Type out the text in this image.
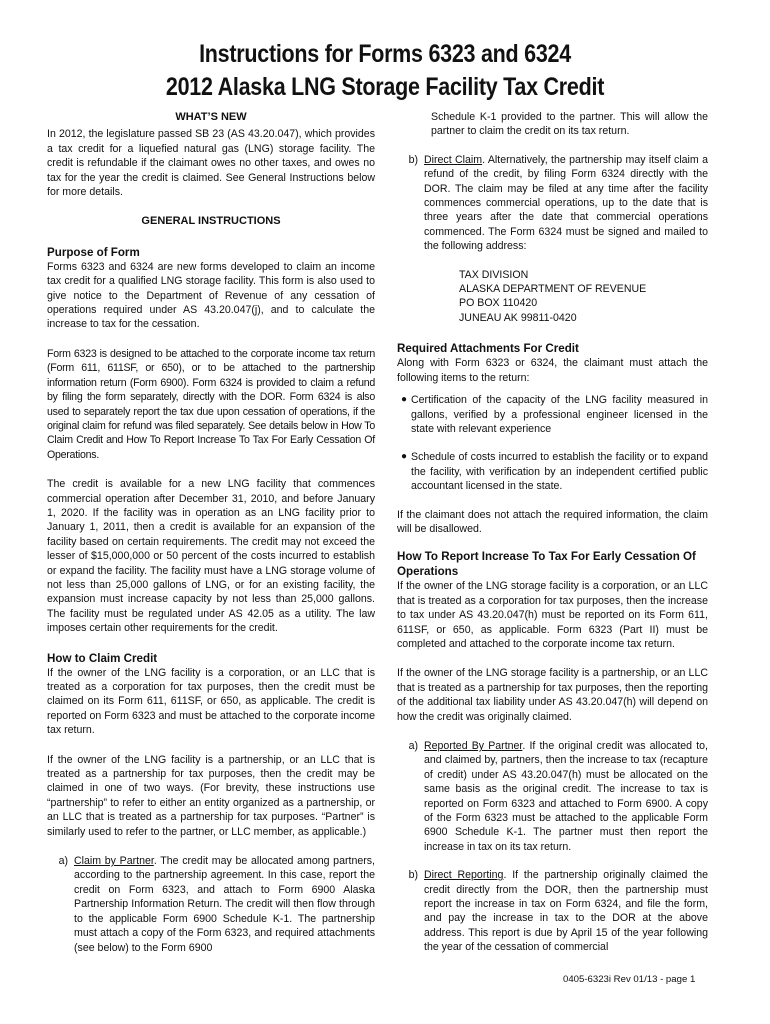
Instructions for Forms 6323 and 6324
2012 Alaska LNG Storage Facility Tax Credit
WHAT’S NEW

In 2012, the legislature passed SB 23 (AS 43.20.047), which provides a tax credit for a liquefied natural gas (LNG) storage facility. The credit is refundable if the claimant owes no other taxes, and owes no tax for the year the credit is claimed. See General Instructions below for more details.

GENERAL INSTRUCTIONS
Purpose of Form

Forms 6323 and 6324 are new forms developed to claim an income tax credit for a qualified LNG storage facility. This form is also used to give notice to the Department of Revenue of any cessation of operations required under AS 43.20.047(j), and to calculate the increase to tax for the cessation.

Form 6323 is designed to be attached to the corporate income tax return (Form 611, 611SF, or 650), or to be attached to the partnership information return (Form 6900). Form 6324 is provided to claim a refund by filing the form separately, directly with the DOR. Form 6324 is also used to separately report the tax due upon cessation of operations, if the original claim for refund was filed separately. See details below in How To Claim Credit and How To Report Increase To Tax For Early Cessation Of Operations.

The credit is available for a new LNG facility that commences commercial operation after December 31, 2010, and before January 1, 2020. If the facility was in operation as an LNG facility prior to January 1, 2011, then a credit is available for an expansion of the facility based on certain requirements. The credit may not exceed the lesser of $15,000,000 or 50 percent of the costs incurred to establish or expand the facility. The facility must have a LNG storage volume of not less than 25,000 gallons of LNG, or for an existing facility, the expansion must increase capacity by not less than 25,000 gallons. The facility must be regulated under AS 42.05 as a utility. The law imposes certain other requirements for the credit.

How to Claim Credit

If the owner of the LNG facility is a corporation, or an LLC that is treated as a corporation for tax purposes, then the credit must be claimed on its Form 611, 611SF, or 650, as applicable. The credit is reported on Form 6323 and must be attached to the corporate income tax return.

If the owner of the LNG facility is a partnership, or an LLC that is treated as a partnership for tax purposes, then the credit may be claimed in one of two ways. (For brevity, these instructions use “partnership” to refer to either an entity organized as a partnership, or an LLC that is treated as a partnership for tax purposes. “Partner” is similarly used to refer to the partner, or LLC member, as applicable.)

a) Claim by Partner. The credit may be allocated among partners, according to the partnership agreement. In this case, report the credit on Form 6323, and attach to Form 6900 Alaska Partnership Information Return. The credit will then flow through to the applicable Form 6900 Schedule K-1. The partnership must attach a copy of the Form 6323, and required attachments (see below) to the Form 6900
Schedule K-1 provided to the partner. This will allow the partner to claim the credit on its tax return.
b) Direct Claim. Alternatively, the partnership may itself claim a refund of the credit, by filing Form 6324 directly with the DOR. The claim may be filed at any time after the facility commences commercial operations, up to the date that is three years after the date that commercial operations commenced. The Form 6324 must be signed and mailed to the following address:
TAX DIVISION
ALASKA DEPARTMENT OF REVENUE
PO BOX 110420
JUNEAU AK 99811-0420
Required Attachments For Credit

Along with Form 6323 or 6324, the claimant must attach the following items to the return:

● Certification of the capacity of the LNG facility measured in gallons, verified by a professional engineer licensed in the state with relevant experience
● Schedule of costs incurred to establish the facility or to expand the facility, with verification by an independent certified public accountant licensed in the state.

If the claimant does not attach the required information, the claim will be disallowed.

How To Report Increase To Tax For Early Cessation Of Operations

If the owner of the LNG storage facility is a corporation, or an LLC that is treated as a corporation for tax purposes, then the increase to tax under AS 43.20.047(h) must be reported on its Form 611, 611SF, or 650, as applicable. Form 6323 (Part II) must be completed and attached to the corporate income tax return.

If the owner of the LNG storage facility is a partnership, or an LLC that is treated as a partnership for tax purposes, then the reporting of the additional tax liability under AS 43.20.047(h) will depend on how the credit was originally claimed.

a) Reported By Partner. If the original credit was allocated to, and claimed by, partners, then the increase to tax (recapture of credit) under AS 43.20.047(h) must be allocated on the same basis as the original credit. The increase to tax is reported on Form 6323 and attached to Form 6900. A copy of the Form 6323 must be attached to the applicable Form 6900 Schedule K-1. The partner must then report the increase in tax on its tax return.
b) Direct Reporting. If the partnership originally claimed the credit directly from the DOR, then the partnership must report the increase in tax on Form 6324, and file the form, and pay the increase in tax to the DOR at the above address. This report is due by April 15 of the year following the year of the cessation of commercial
0405-6323i Rev 01/13 - page 1
